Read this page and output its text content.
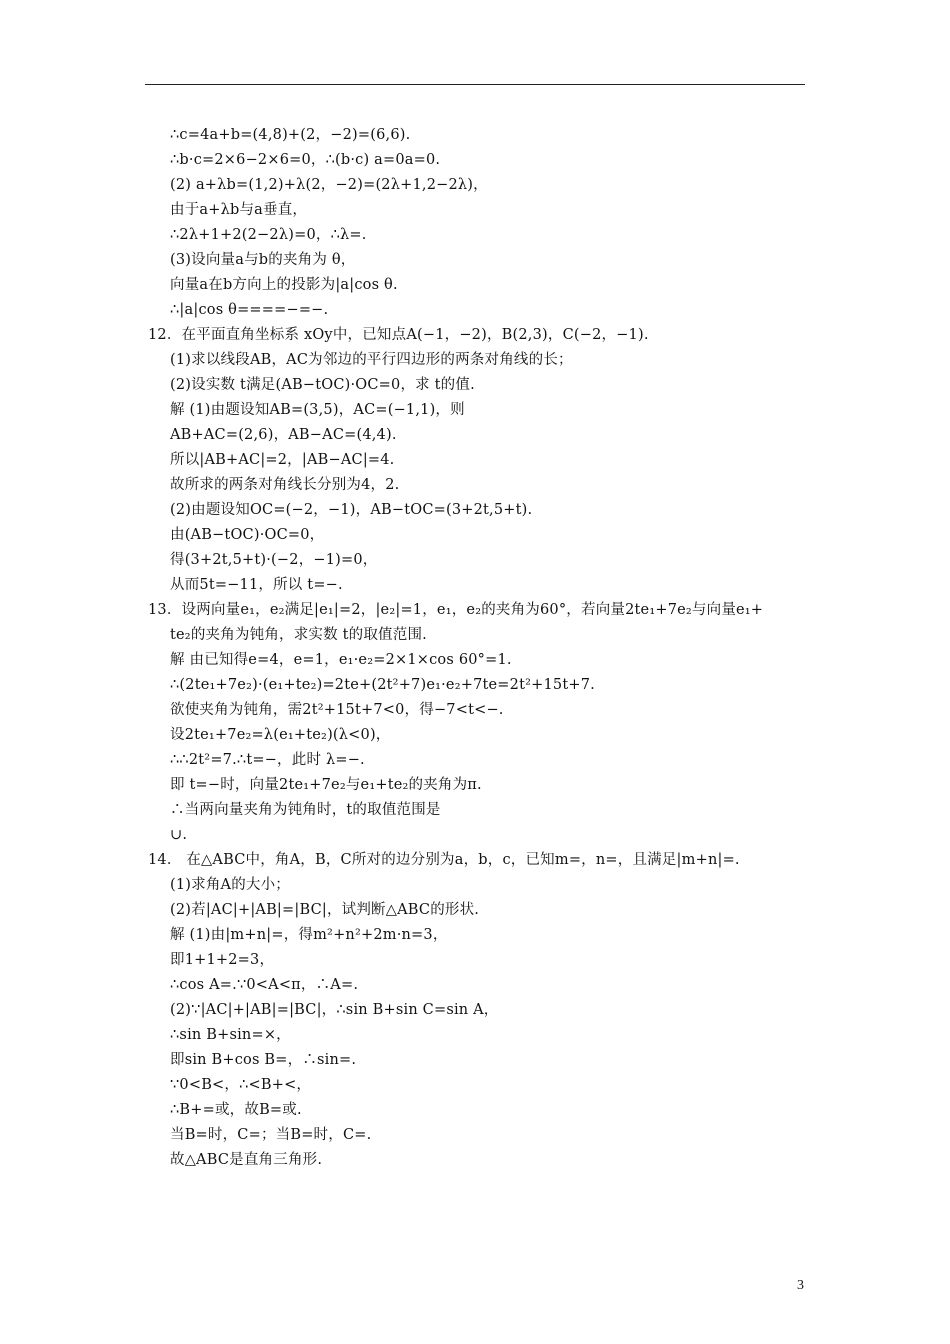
∴c=4a+b=(4,8)+(2，−2)=(6,6).
∴b·c=2×6−2×6=0，∴(b·c) a=0a=0.
(2) a+λb=(1,2)+λ(2，−2)=(2λ+1,2−2λ)，
由于a+λb与a垂直，
∴2λ+1+2(2−2λ)=0，∴λ=.
(3)设向量a与b的夹角为 θ，
向量a在b方向上的投影为|a|cos θ.
∴|a|cos θ====−=−.
12．在平面直角坐标系 xOy中，已知点A(−1，−2)，B(2,3)，C(−2，−1).
(1)求以线段AB，AC为邻边的平行四边形的两条对角线的长；
(2)设实数 t满足(AB−tOC)·OC=0，求 t的值.
解 (1)由题设知AB=(3,5)，AC=(−1,1)，则
AB+AC=(2,6)，AB−AC=(4,4).
所以|AB+AC|=2，|AB−AC|=4.
故所求的两条对角线长分别为4，2.
(2)由题设知OC=(−2，−1)，AB−tOC=(3+2t,5+t).
由(AB−tOC)·OC=0，
得(3+2t,5+t)·(−2，−1)=0，
从而5t=−11，所以 t=−.
13．设两向量e₁，e₂满足|e₁|=2，|e₂|=1，e₁，e₂的夹角为60°，若向量2te₁+7e₂与向量e₁+
te₂的夹角为钝角，求实数 t的取值范围.
解 由已知得e=4，e=1，e₁·e₂=2×1×cos 60°=1.
∴(2te₁+7e₂)·(e₁+te₂)=2te+(2t²+7)e₁·e₂+7te=2t²+15t+7.
欲使夹角为钝角，需2t²+15t+7<0，得−7<t<−.
设2te₁+7e₂=λ(e₁+te₂)(λ<0)，
∴∴2t²=7.∴t=−，此时 λ=−.
即 t=−时，向量2te₁+7e₂与e₁+te₂的夹角为π.
∴当两向量夹角为钝角时，t的取值范围是
∪.
14． 在△ABC中，角A，B，C所对的边分别为a，b，c，已知m=，n=，且满足|m+n|=.
(1)求角A的大小；
(2)若|AC|+|AB|=|BC|，试判断△ABC的形状.
解 (1)由|m+n|=，得m²+n²+2m·n=3，
即1+1+2=3，
∴cos A=.∵0<A<π，∴A=.
(2)∵|AC|+|AB|=|BC|，∴sin B+sin C=sin A，
∴sin B+sin=×，
即sin B+cos B=，∴sin=.
∵0<B<，∴<B+<，
∴B+=或，故B=或.
当B=时，C=；当B=时，C=.
故△ABC是直角三角形.
3
